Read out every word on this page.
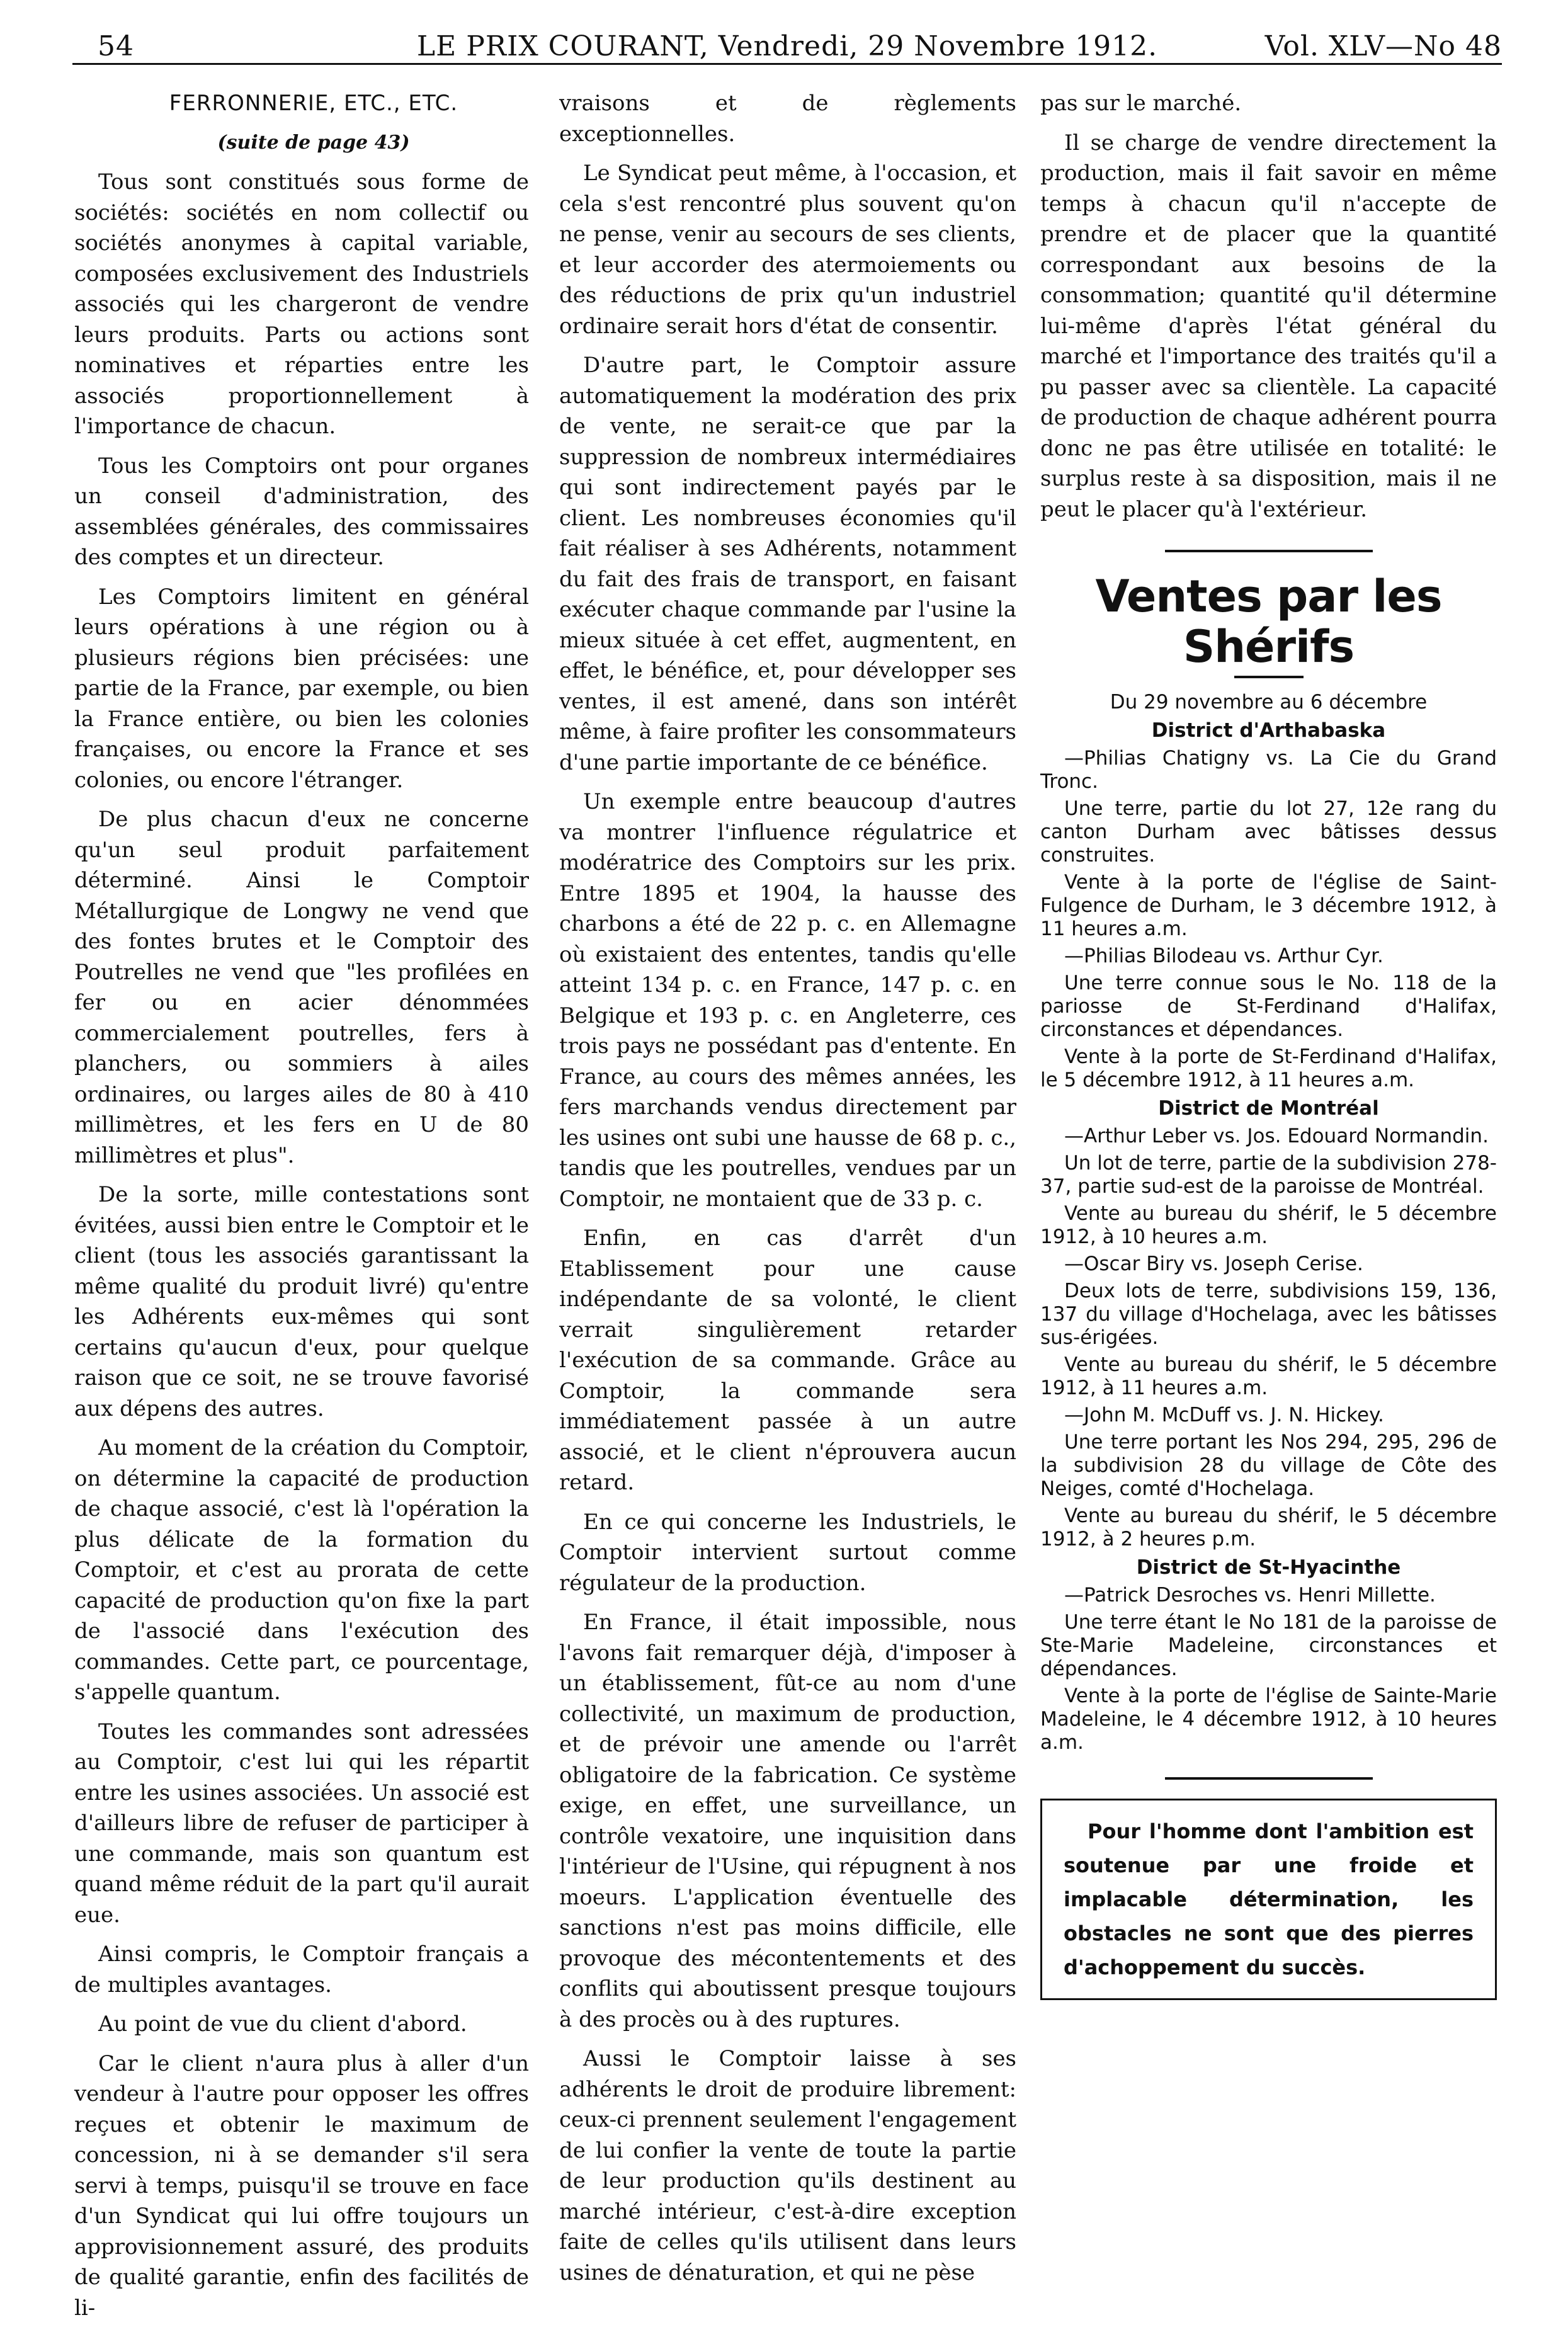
54	LE PRIX COURANT, Vendredi, 29 Novembre 1912.	Vol. XLV—No 48

FERRONNERIE, ETC., ETC.

(suite de page 43)

Tous sont constitués sous forme de sociétés: sociétés en nom collectif ou sociétés anonymes à capital variable, composées exclusivement des Industriels associés qui les chargeront de vendre leurs produits. Parts ou actions sont nominatives et réparties entre les associés proportionnellement à l'importance de chacun.

Tous les Comptoirs ont pour organes un conseil d'administration, des assemblées générales, des commissaires des comptes et un directeur.

Les Comptoirs limitent en général leurs opérations à une région ou à plusieurs régions bien précisées: une partie de la France, par exemple, ou bien la France entière, ou bien les colonies françaises, ou encore la France et ses colonies, ou encore l'étranger.

De plus chacun d'eux ne concerne qu'un seul produit parfaitement déterminé. Ainsi le Comptoir Métallurgique de Longwy ne vend que des fontes brutes et le Comptoir des Poutrelles ne vend que "les profilées en fer ou en acier dénommées commercialement poutrelles, fers à planchers, ou sommiers à ailes ordinaires, ou larges ailes de 80 à 410 millimètres, et les fers en U de 80 millimètres et plus".

De la sorte, mille contestations sont évitées, aussi bien entre le Comptoir et le client (tous les associés garantissant la même qualité du produit livré) qu'entre les Adhérents eux-mêmes qui sont certains qu'aucun d'eux, pour quelque raison que ce soit, ne se trouve favorisé aux dépens des autres.

Au moment de la création du Comptoir, on détermine la capacité de production de chaque associé, c'est là l'opération la plus délicate de la formation du Comptoir, et c'est au prorata de cette capacité de production qu'on fixe la part de l'associé dans l'exécution des commandes. Cette part, ce pourcentage, s'appelle quantum.

Toutes les commandes sont adressées au Comptoir, c'est lui qui les répartit entre les usines associées. Un associé est d'ailleurs libre de refuser de participer à une commande, mais son quantum est quand même réduit de la part qu'il aurait eue.

Ainsi compris, le Comptoir français a de multiples avantages.

Au point de vue du client d'abord.

Car le client n'aura plus à aller d'un vendeur à l'autre pour opposer les offres reçues et obtenir le maximum de concession, ni à se demander s'il sera servi à temps, puisqu'il se trouve en face d'un Syndicat qui lui offre toujours un approvisionnement assuré, des produits de qualité garantie, enfin des facilités de li-

vraisons et de règlements exceptionnelles.

Le Syndicat peut même, à l'occasion, et cela s'est rencontré plus souvent qu'on ne pense, venir au secours de ses clients, et leur accorder des atermoiements ou des réductions de prix qu'un industriel ordinaire serait hors d'état de consentir.

D'autre part, le Comptoir assure automatiquement la modération des prix de vente, ne serait-ce que par la suppression de nombreux intermédiaires qui sont indirectement payés par le client. Les nombreuses économies qu'il fait réaliser à ses Adhérents, notamment du fait des frais de transport, en faisant exécuter chaque commande par l'usine la mieux située à cet effet, augmentent, en effet, le bénéfice, et, pour développer ses ventes, il est amené, dans son intérêt même, à faire profiter les consommateurs d'une partie importante de ce bénéfice.

Un exemple entre beaucoup d'autres va montrer l'influence régulatrice et modératrice des Comptoirs sur les prix. Entre 1895 et 1904, la hausse des charbons a été de 22 p. c. en Allemagne où existaient des ententes, tandis qu'elle atteint 134 p. c. en France, 147 p. c. en Belgique et 193 p. c. en Angleterre, ces trois pays ne possédant pas d'entente. En France, au cours des mêmes années, les fers marchands vendus directement par les usines ont subi une hausse de 68 p. c., tandis que les poutrelles, vendues par un Comptoir, ne montaient que de 33 p. c.

Enfin, en cas d'arrêt d'un Etablissement pour une cause indépendante de sa volonté, le client verrait singulièrement retarder l'exécution de sa commande. Grâce au Comptoir, la commande sera immédiatement passée à un autre associé, et le client n'éprouvera aucun retard.

En ce qui concerne les Industriels, le Comptoir intervient surtout comme régulateur de la production.

En France, il était impossible, nous l'avons fait remarquer déjà, d'imposer à un établissement, fût-ce au nom d'une collectivité, un maximum de production, et de prévoir une amende ou l'arrêt obligatoire de la fabrication. Ce système exige, en effet, une surveillance, un contrôle vexatoire, une inquisition dans l'intérieur de l'Usine, qui répugnent à nos moeurs. L'application éventuelle des sanctions n'est pas moins difficile, elle provoque des mécontentements et des conflits qui aboutissent presque toujours à des procès ou à des ruptures.

Aussi le Comptoir laisse à ses adhérents le droit de produire librement: ceux-ci prennent seulement l'engagement de lui confier la vente de toute la partie de leur production qu'ils destinent au marché intérieur, c'est-à-dire exception faite de celles qu'ils utilisent dans leurs usines de dénaturation, et qui ne pèse

pas sur le marché.

Il se charge de vendre directement la production, mais il fait savoir en même temps à chacun qu'il n'accepte de prendre et de placer que la quantité correspondant aux besoins de la consommation; quantité qu'il détermine lui-même d'après l'état général du marché et l'importance des traités qu'il a pu passer avec sa clientèle. La capacité de production de chaque adhérent pourra donc ne pas être utilisée en totalité: le surplus reste à sa disposition, mais il ne peut le placer qu'à l'extérieur.

Ventes par les Shérifs

Du 29 novembre au 6 décembre

District d'Arthabaska

—Philias Chatigny vs. La Cie du Grand Tronc.

Une terre, partie du lot 27, 12e rang du canton Durham avec bâtisses dessus construites.

Vente à la porte de l'église de Saint-Fulgence de Durham, le 3 décembre 1912, à 11 heures a.m.

—Philias Bilodeau vs. Arthur Cyr.

Une terre connue sous le No. 118 de la pariosse de St-Ferdinand d'Halifax, circonstances et dépendances.

Vente à la porte de St-Ferdinand d'Halifax, le 5 décembre 1912, à 11 heures a.m.

District de Montréal

—Arthur Leber vs. Jos. Edouard Normandin.

Un lot de terre, partie de la subdivision 278-37, partie sud-est de la paroisse de Montréal.

Vente au bureau du shérif, le 5 décembre 1912, à 10 heures a.m.

—Oscar Biry vs. Joseph Cerise.

Deux lots de terre, subdivisions 159, 136, 137 du village d'Hochelaga, avec les bâtisses sus-érigées.

Vente au bureau du shérif, le 5 décembre 1912, à 11 heures a.m.

—John M. McDuff vs. J. N. Hickey.

Une terre portant les Nos 294, 295, 296 de la subdivision 28 du village de Côte des Neiges, comté d'Hochelaga.

Vente au bureau du shérif, le 5 décembre 1912, à 2 heures p.m.

District de St-Hyacinthe

—Patrick Desroches vs. Henri Millette.

Une terre étant le No 181 de la paroisse de Ste-Marie Madeleine, circonstances et dépendances.

Vente à la porte de l'église de Sainte-Marie Madeleine, le 4 décembre 1912, à 10 heures a.m.

Pour l'homme dont l'ambition est soutenue par une froide et implacable détermination, les obstacles ne sont que des pierres d'achoppement du succès.
